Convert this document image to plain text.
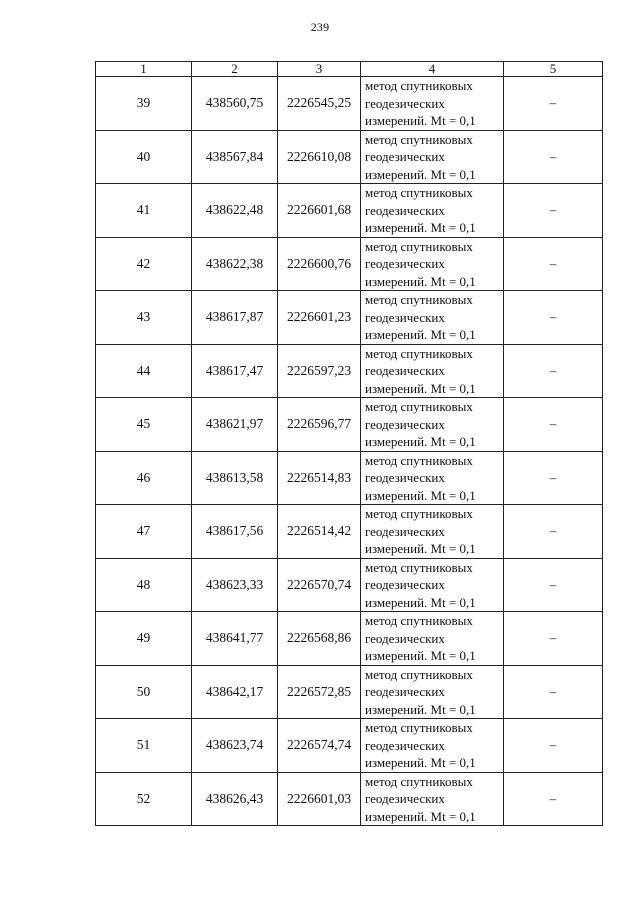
239
1	2	3	4	5
39	438560,75	2226545,25	метод спутниковых
геодезических
измерений. Mt = 0,1	–
40	438567,84	2226610,08	метод спутниковых
геодезических
измерений. Mt = 0,1	–
41	438622,48	2226601,68	метод спутниковых
геодезических
измерений. Mt = 0,1	–
42	438622,38	2226600,76	метод спутниковых
геодезических
измерений. Mt = 0,1	–
43	438617,87	2226601,23	метод спутниковых
геодезических
измерений. Mt = 0,1	–
44	438617,47	2226597,23	метод спутниковых
геодезических
измерений. Mt = 0,1	–
45	438621,97	2226596,77	метод спутниковых
геодезических
измерений. Mt = 0,1	–
46	438613,58	2226514,83	метод спутниковых
геодезических
измерений. Mt = 0,1	–
47	438617,56	2226514,42	метод спутниковых
геодезических
измерений. Mt = 0,1	–
48	438623,33	2226570,74	метод спутниковых
геодезических
измерений. Mt = 0,1	–
49	438641,77	2226568,86	метод спутниковых
геодезических
измерений. Mt = 0,1	–
50	438642,17	2226572,85	метод спутниковых
геодезических
измерений. Mt = 0,1	–
51	438623,74	2226574,74	метод спутниковых
геодезических
измерений. Mt = 0,1	–
52	438626,43	2226601,03	метод спутниковых
геодезических
измерений. Mt = 0,1	–
